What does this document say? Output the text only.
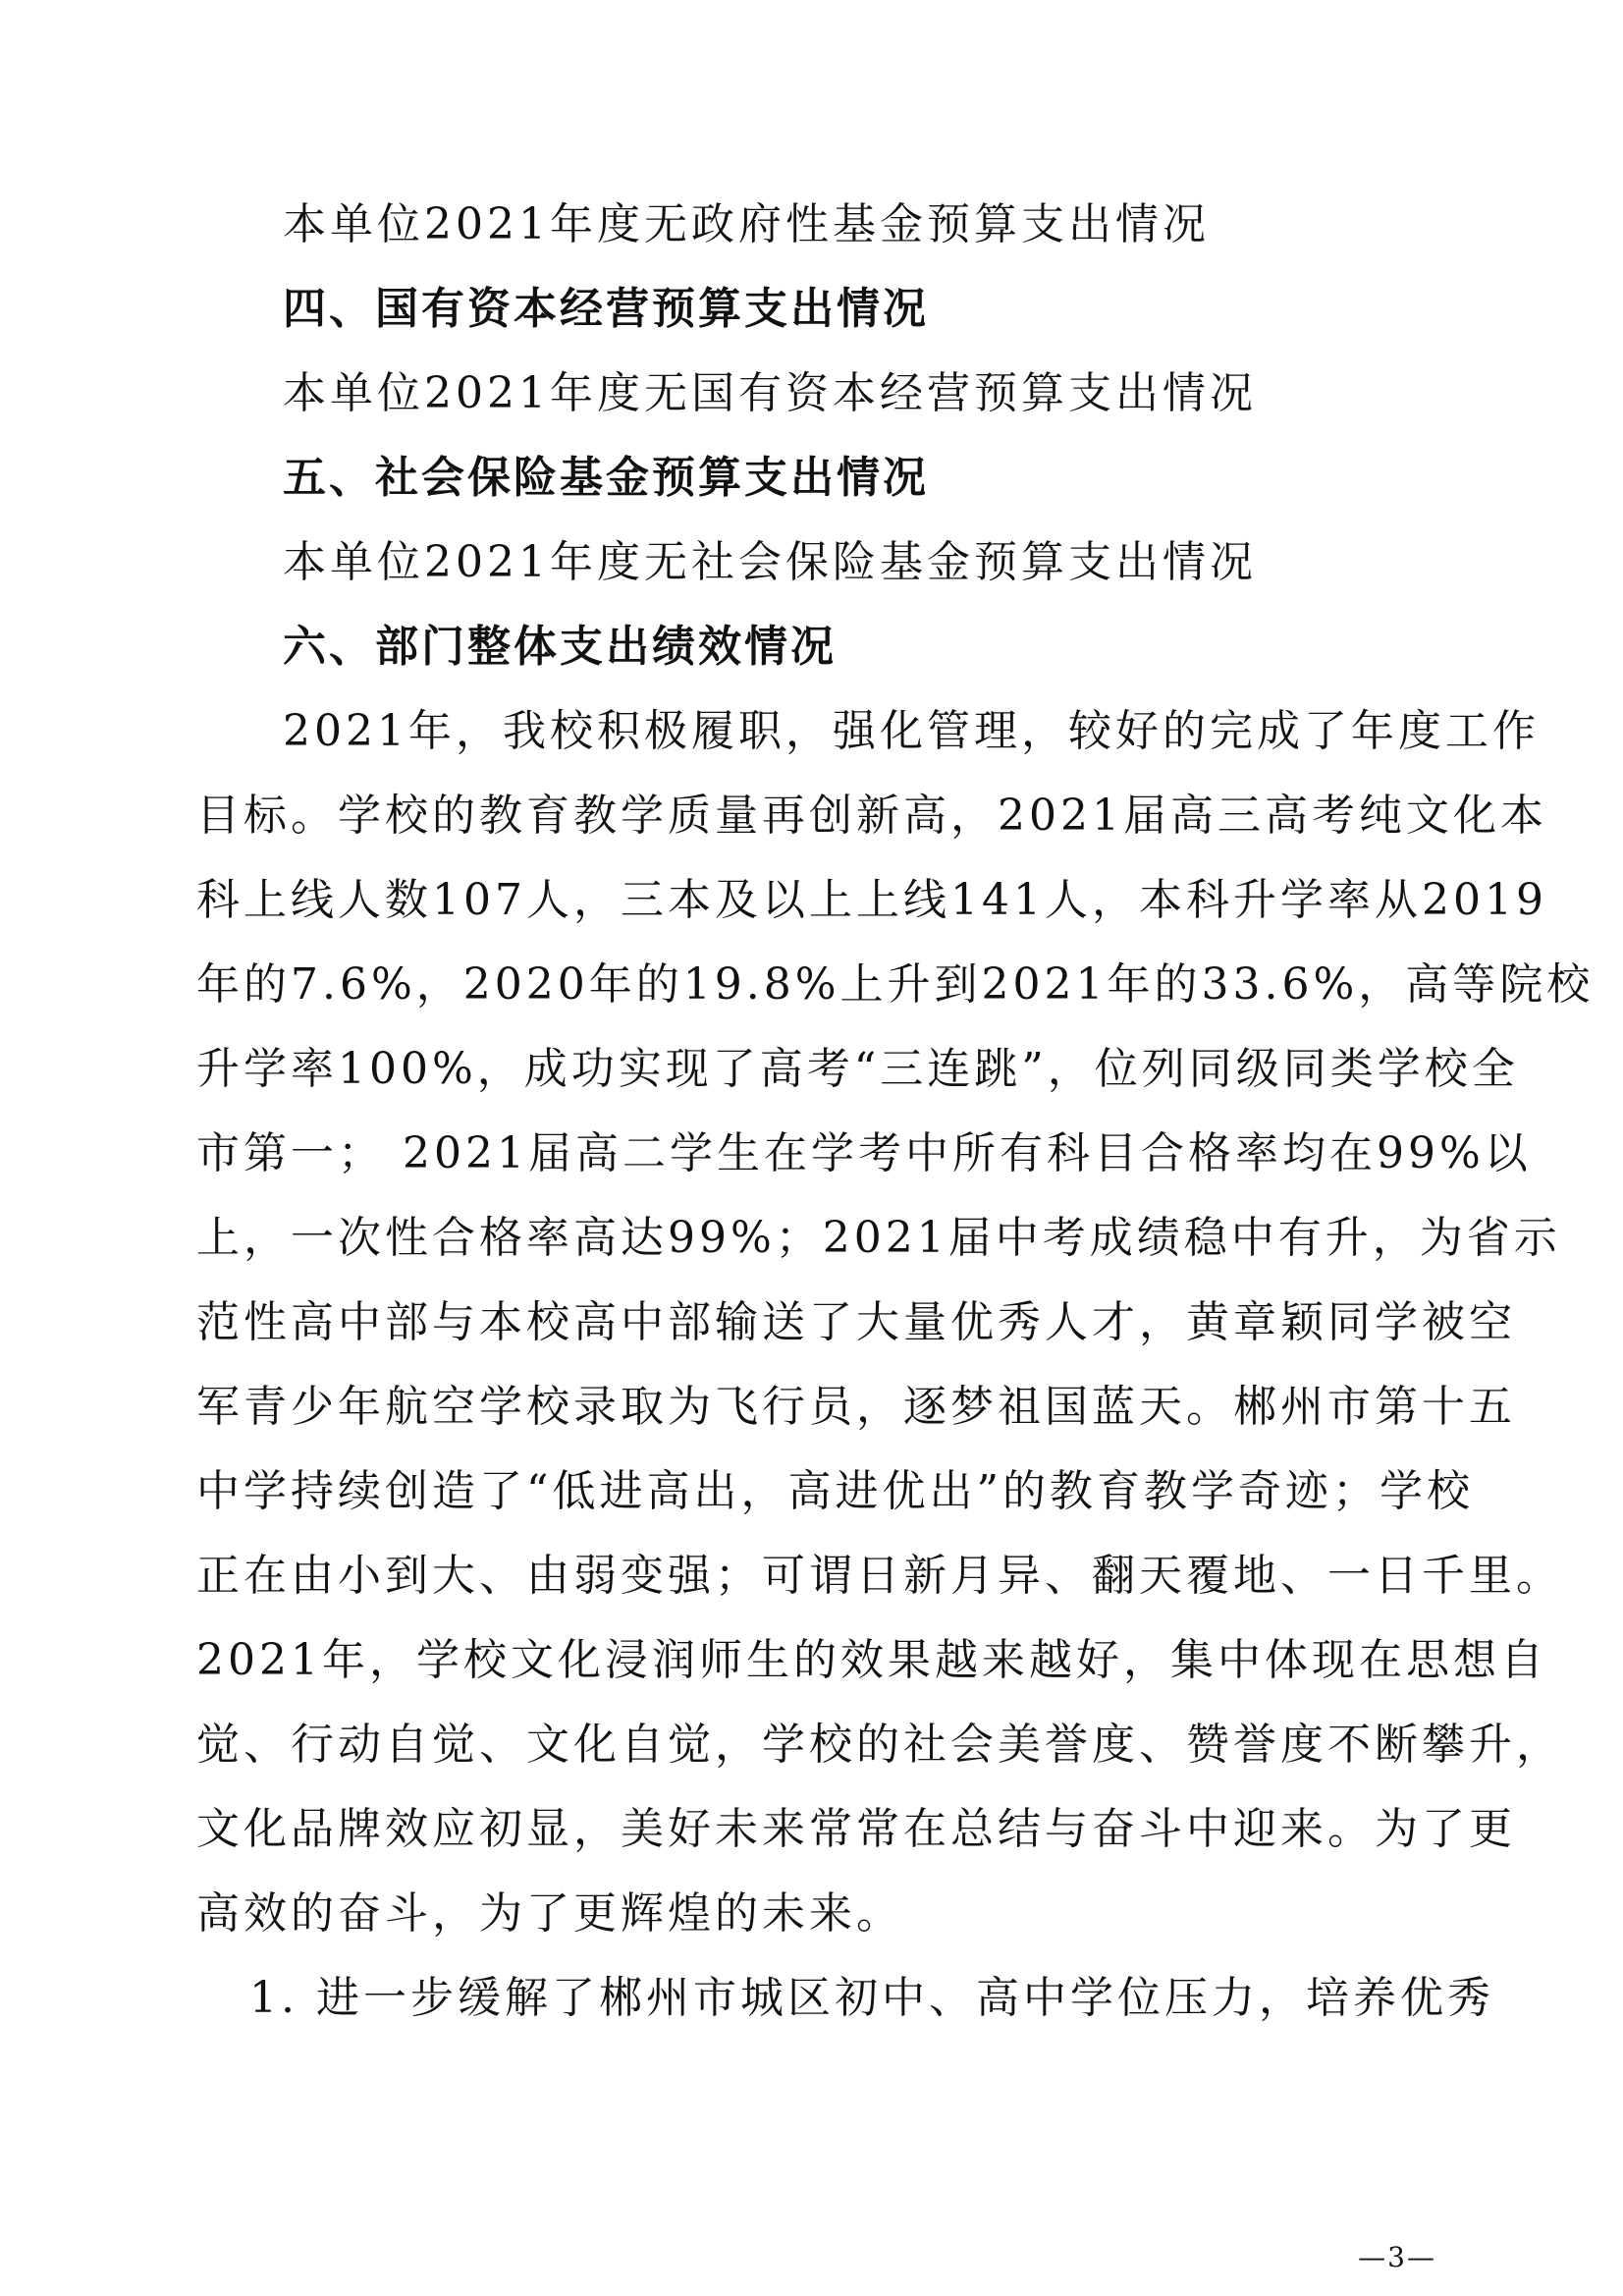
本单位2021年度无政府性基金预算支出情况
四、国有资本经营预算支出情况
本单位2021年度无国有资本经营预算支出情况
五、社会保险基金预算支出情况
本单位2021年度无社会保险基金预算支出情况
六、部门整体支出绩效情况
2021年，我校积极履职，强化管理，较好的完成了年度工作
目标。学校的教育教学质量再创新高，2021届高三高考纯文化本
科上线人数107人，三本及以上上线141人，本科升学率从2019
年的7.6%，2020年的19.8%上升到2021年的33.6%，高等院校
升学率100%，成功实现了高考“三连跳”，位列同级同类学校全
市第一； 2021届高二学生在学考中所有科目合格率均在99%以
上，一次性合格率高达99%；2021届中考成绩稳中有升，为省示
范性高中部与本校高中部输送了大量优秀人才，黄章颖同学被空
军青少年航空学校录取为飞行员，逐梦祖国蓝天。郴州市第十五
中学持续创造了“低进高出，高进优出”的教育教学奇迹；学校
正在由小到大、由弱变强；可谓日新月异、翻天覆地、一日千里。
2021年，学校文化浸润师生的效果越来越好，集中体现在思想自
觉、行动自觉、文化自觉，学校的社会美誉度、赞誉度不断攀升，
文化品牌效应初显，美好未来常常在总结与奋斗中迎来。为了更
高效的奋斗，为了更辉煌的未来。
1. 进一步缓解了郴州市城区初中、高中学位压力，培养优秀
—3—
